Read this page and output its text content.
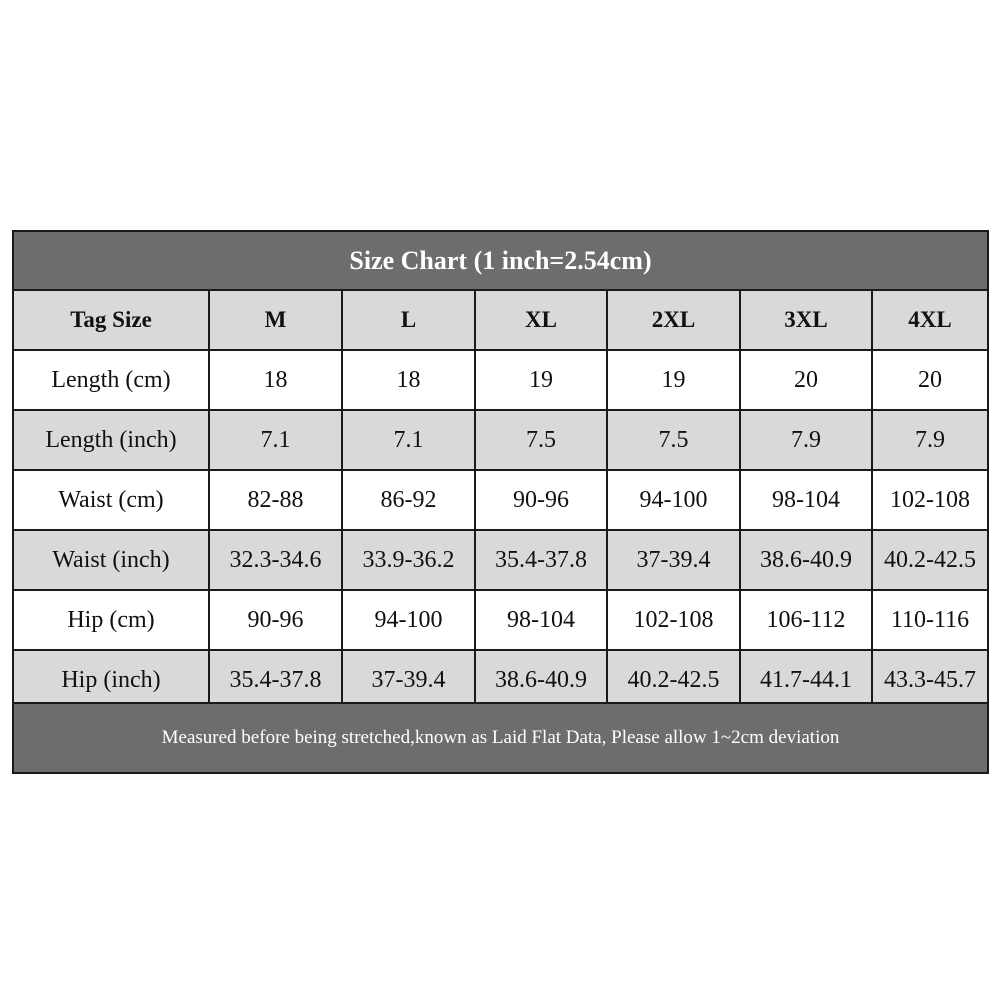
Size Chart (1 inch=2.54cm)
Tag Size	M	L	XL	2XL	3XL	4XL
Length (cm)	18	18	19	19	20	20
Length (inch)	7.1	7.1	7.5	7.5	7.9	7.9
Waist (cm)	82-88	86-92	90-96	94-100	98-104	102-108
Waist (inch)	32.3-34.6	33.9-36.2	35.4-37.8	37-39.4	38.6-40.9	40.2-42.5
Hip (cm)	90-96	94-100	98-104	102-108	106-112	110-116
Hip (inch)	35.4-37.8	37-39.4	38.6-40.9	40.2-42.5	41.7-44.1	43.3-45.7
Measured before being stretched,known as Laid Flat Data, Please allow 1~2cm deviation
